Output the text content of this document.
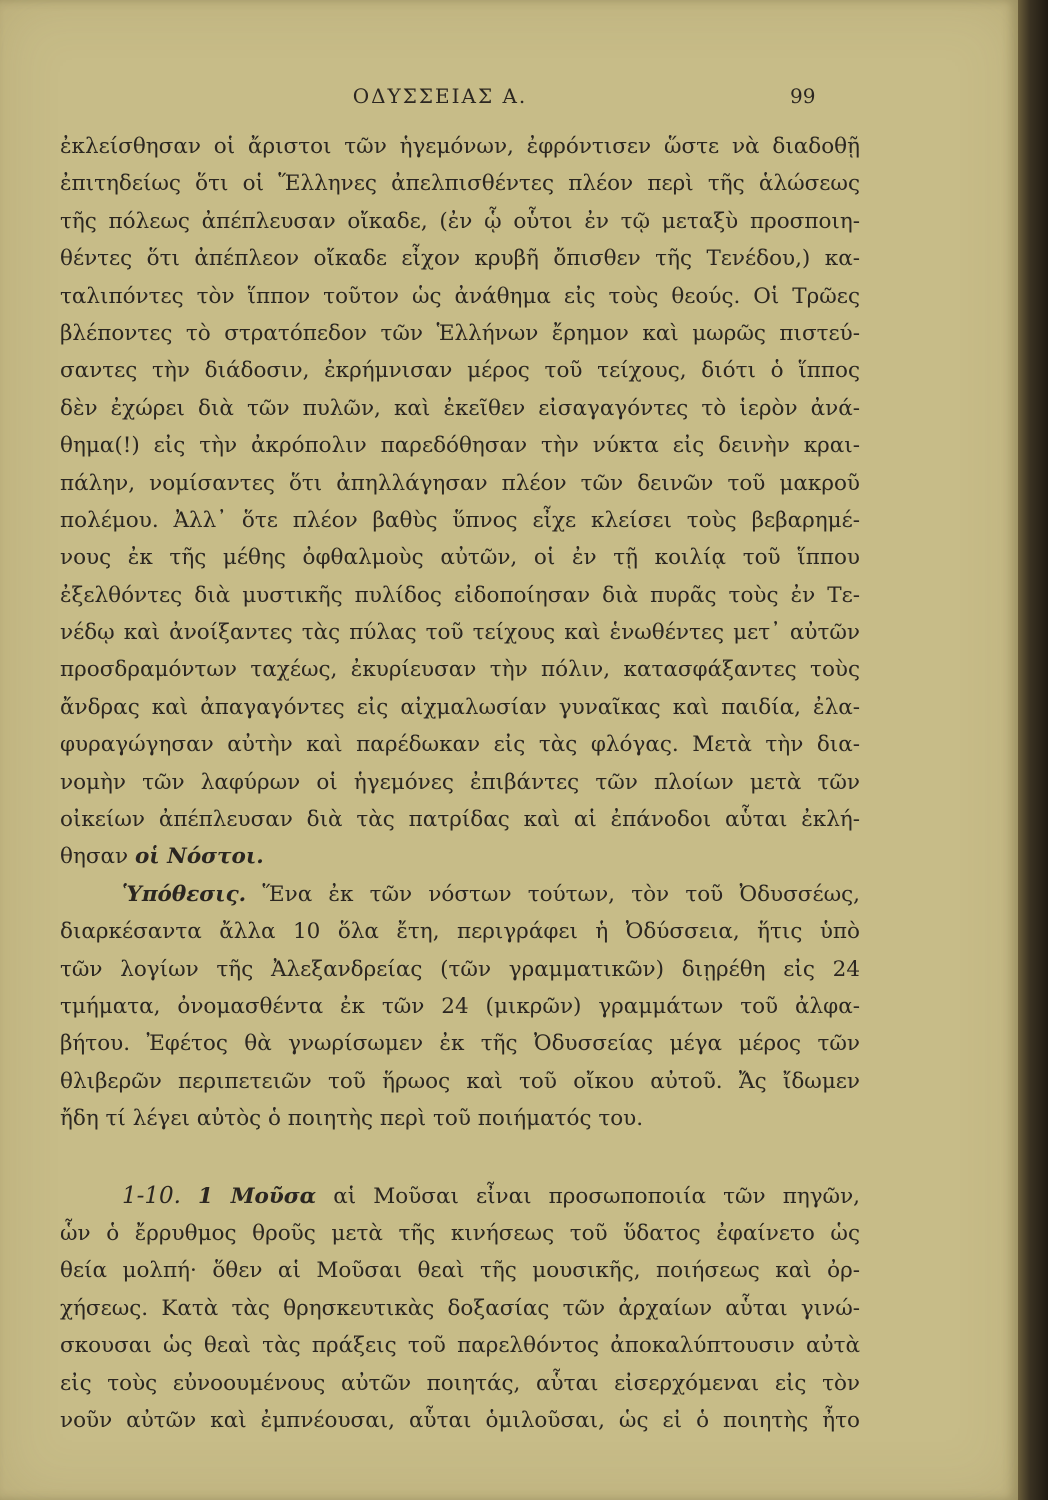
ΟΔΥΣΣΕΙΑΣ Α.	99
ἐκλείσθησαν οἱ ἄριστοι τῶν ἡγεμόνων, ἐφρόντισεν ὥστε νὰ διαδοθῇ
ἐπιτηδείως ὅτι οἱ Ἕλληνες ἀπελπισθέντες πλέον περὶ τῆς ἁλώσεως
τῆς πόλεως ἀπέπλευσαν οἴκαδε, (ἐν ᾧ οὗτοι ἐν τῷ μεταξὺ προσποιη-
θέντες ὅτι ἀπέπλεον οἴκαδε εἶχον κρυβῆ ὄπισθεν τῆς Τενέδου,) κα-
ταλιπόντες τὸν ἵππον τοῦτον ὡς ἀνάθημα εἰς τοὺς θεούς. Οἱ Τρῶες
βλέποντες τὸ στρατόπεδον τῶν Ἑλλήνων ἔρημον καὶ μωρῶς πιστεύ-
σαντες τὴν διάδοσιν, ἐκρήμνισαν μέρος τοῦ τείχους, διότι ὁ ἵππος
δὲν ἐχώρει διὰ τῶν πυλῶν, καὶ ἐκεῖθεν εἰσαγαγόντες τὸ ἱερὸν ἀνά-
θημα(!) εἰς τὴν ἀκρόπολιν παρεδόθησαν τὴν νύκτα εἰς δεινὴν κραι-
πάλην, νομίσαντες ὅτι ἀπηλλάγησαν πλέον τῶν δεινῶν τοῦ μακροῦ
πολέμου. Ἀλλ᾽ ὅτε πλέον βαθὺς ὕπνος εἶχε κλείσει τοὺς βεβαρημέ-
νους ἐκ τῆς μέθης ὀφθαλμοὺς αὐτῶν, οἱ ἐν τῇ κοιλίᾳ τοῦ ἵππου
ἐξελθόντες διὰ μυστικῆς πυλίδος εἰδοποίησαν διὰ πυρᾶς τοὺς ἐν Τε-
νέδῳ καὶ ἀνοίξαντες τὰς πύλας τοῦ τείχους καὶ ἑνωθέντες μετ᾽ αὐτῶν
προσδραμόντων ταχέως, ἐκυρίευσαν τὴν πόλιν, κατασφάξαντες τοὺς
ἄνδρας καὶ ἀπαγαγόντες εἰς αἰχμαλωσίαν γυναῖκας καὶ παιδία, ἐλα-
φυραγώγησαν αὐτὴν καὶ παρέδωκαν εἰς τὰς φλόγας. Μετὰ τὴν δια-
νομὴν τῶν λαφύρων οἱ ἡγεμόνες ἐπιβάντες τῶν πλοίων μετὰ τῶν
οἰκείων ἀπέπλευσαν διὰ τὰς πατρίδας καὶ αἱ ἐπάνοδοι αὗται ἐκλή-
θησαν οἱ Νόστοι.
Ὑπόθεσις. Ἕνα ἐκ τῶν νόστων τούτων, τὸν τοῦ Ὀδυσσέως,
διαρκέσαντα ἄλλα 10 ὅλα ἔτη, περιγράφει ἡ Ὀδύσσεια, ἥτις ὑπὸ
τῶν λογίων τῆς Ἀλεξανδρείας (τῶν γραμματικῶν) διῃρέθη εἰς 24
τμήματα, ὀνομασθέντα ἐκ τῶν 24 (μικρῶν) γραμμάτων τοῦ ἀλφα-
βήτου. Ἐφέτος θὰ γνωρίσωμεν ἐκ τῆς Ὀδυσσείας μέγα μέρος τῶν
θλιβερῶν περιπετειῶν τοῦ ἥρωος καὶ τοῦ οἴκου αὐτοῦ. Ἄς ἴδωμεν
ἤδη τί λέγει αὐτὸς ὁ ποιητὴς περὶ τοῦ ποιήματός του.
1-10. 1 Μοῦσα αἱ Μοῦσαι εἶναι προσωποποιία τῶν πηγῶν,
ὧν ὁ ἔρρυθμος θροῦς μετὰ τῆς κινήσεως τοῦ ὕδατος ἐφαίνετο ὡς
θεία μολπή· ὅθεν αἱ Μοῦσαι θεαὶ τῆς μουσικῆς, ποιήσεως καὶ ὀρ-
χήσεως. Κατὰ τὰς θρησκευτικὰς δοξασίας τῶν ἀρχαίων αὗται γινώ-
σκουσαι ὡς θεαὶ τὰς πράξεις τοῦ παρελθόντος ἀποκαλύπτουσιν αὐτὰ
εἰς τοὺς εὐνοουμένους αὐτῶν ποιητάς, αὗται εἰσερχόμεναι εἰς τὸν
νοῦν αὐτῶν καὶ ἐμπνέουσαι, αὗται ὁμιλοῦσαι, ὡς εἰ ὁ ποιητὴς ἦτο
